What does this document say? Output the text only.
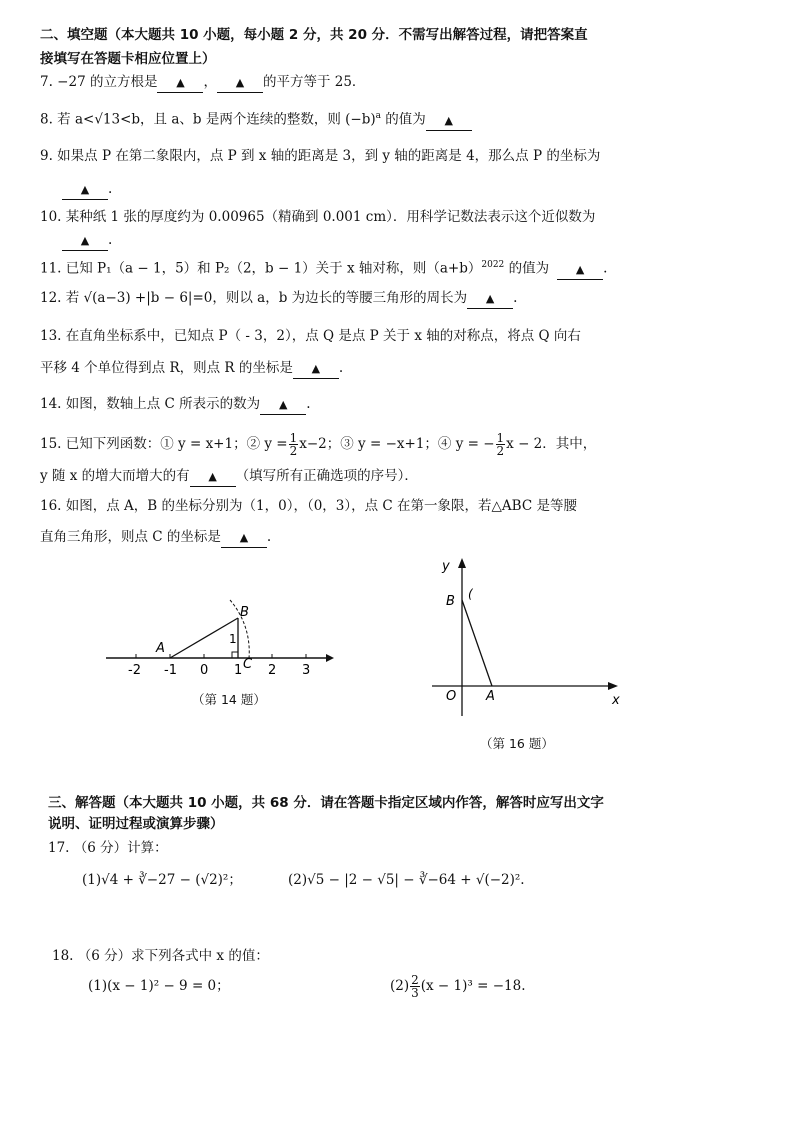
二、填空题（本大题共 10 小题，每小题 2 分，共 20 分．不需写出解答过程，请把答案直
接填写在答题卡相应位置上）
7. −27 的立方根是 ▲ ， ▲ 的平方等于 25．
8. 若 a<√13<b，且 a、b 是两个连续的整数，则 $(-b)^a$ 的值为 ▲
9. 如果点 P 在第二象限内，点 P 到 x 轴的距离是 3，到 y 轴的距离是 4，那么点 P 的坐标为
▲ .
10. 某种纸 1 张的厚度约为 0.00965（精确到 0.001 cm）．用科学记数法表示这个近似数为
▲ .
11. 已知 P₁（a − 1，5）和 P₂（2，b − 1）关于 x 轴对称，则$(a+b)^{2022}$ 的值为 ▲ .
12. 若 √(a−3) +|b − 6|=0，则以 a，b 为边长的等腰三角形的周长为 ▲ .
13. 在直角坐标系中，已知点 P（ - 3，2），点 Q 是点 P 关于 x 轴的对称点，将点 Q 向右
平移 4 个单位得到点 R，则点 R 的坐标是 ▲ .
14. 如图，数轴上点 C 所表示的数为 ▲ .
15. 已知下列函数：① y = x+1；② $y = \frac{1}{2} x-2$；③ y = −x+1；④ y = − $\frac{1}{2}$ x − 2．其中，
y 随 x 的增大而增大的有 ▲ （填写所有正确选项的序号）．
16. 如图，点 A，B 的坐标分别为（1，0），（0，3），点 C 在第一象限，若△ABC 是等腰
直角三角形，则点 C 的坐标是 ▲ .
-2 -1 0 1 2 3
A
B
C
1
（第 14 题）
y
x
O A
B (
（第 16 题）
三、解答题（本大题共 10 小题，共 68 分．请在答题卡指定区域内作答，解答时应写出文字
说明、证明过程或演算步骤）
17. （6 分）计算：
(1)√4 + ∛−27 − (√2)²；	(2)√5 − |2 − √5| − ∛−64 + √(−2)².
18. （6 分）求下列各式中 x 的值：
(1)(x − 1)² − 9 = 0；	$(2) \frac{2}{3} (x - 1)^3 = -18$.
